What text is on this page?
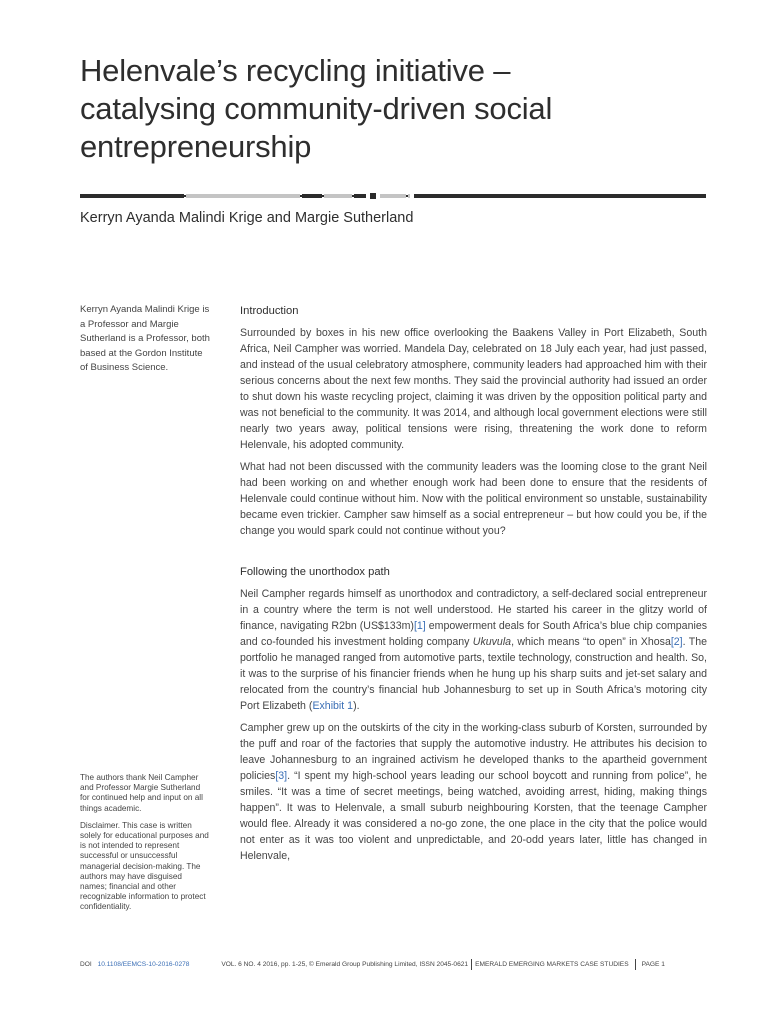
Helenvale’s recycling initiative –
catalysing community-driven social
entrepreneurship
Kerryn Ayanda Malindi Krige and Margie Sutherland
Kerryn Ayanda Malindi Krige is a Professor and Margie Sutherland is a Professor, both based at the Gordon Institute of Business Science.

The authors thank Neil Campher and Professor Margie Sutherland for continued help and input on all things academic.

Disclaimer. This case is written solely for educational purposes and is not intended to represent successful or unsuccessful managerial decision-making. The authors may have disguised names; financial and other recognizable information to protect confidentiality.

Introduction

Surrounded by boxes in his new office overlooking the Baakens Valley in Port Elizabeth, South Africa, Neil Campher was worried. Mandela Day, celebrated on 18 July each year, had just passed, and instead of the usual celebratory atmosphere, community leaders had approached him with their serious concerns about the next few months. They said the provincial authority had issued an order to shut down his waste recycling project, claiming it was driven by the opposition political party and was not beneficial to the community. It was 2014, and although local government elections were still nearly two years away, political tensions were rising, threatening the work done to reform Helenvale, his adopted community.

What had not been discussed with the community leaders was the looming close to the grant Neil had been working on and whether enough work had been done to ensure that the residents of Helenvale could continue without him. Now with the political environment so unstable, sustainability became even trickier. Campher saw himself as a social entrepreneur – but how could you be, if the change you would spark could not continue without you?

Following the unorthodox path

Neil Campher regards himself as unorthodox and contradictory, a self-declared social entrepreneur in a country where the term is not well understood. He started his career in the glitzy world of finance, navigating R2bn (US$133m)[1] empowerment deals for South Africa’s blue chip companies and co-founded his investment holding company Ukuvula, which means “to open” in Xhosa[2]. The portfolio he managed ranged from automotive parts, textile technology, construction and health. So, it was to the surprise of his financier friends when he hung up his sharp suits and jet-set salary and relocated from the country’s financial hub Johannesburg to set up in South Africa’s motoring city Port Elizabeth (Exhibit 1).

Campher grew up on the outskirts of the city in the working-class suburb of Korsten, surrounded by the puff and roar of the factories that supply the automotive industry. He attributes his decision to leave Johannesburg to an ingrained activism he developed thanks to the apartheid government policies[3]. “I spent my high-school years leading our school boycott and running from police”, he smiles. “It was a time of secret meetings, being watched, avoiding arrest, hiding, making things happen”. It was to Helenvale, a small suburb neighbouring Korsten, that the teenage Campher would flee. Already it was considered a no-go zone, the one place in the city that the police would not enter as it was too violent and unpredictable, and 20-odd years later, little has changed in Helenvale,

DOI 10.1108/EEMCS-10-2016-0278	VOL. 6 NO. 4 2016, pp. 1-25, © Emerald Group Publishing Limited, ISSN 2045-0621 EMERALD EMERGING MARKETS CASE STUDIES PAGE 1
